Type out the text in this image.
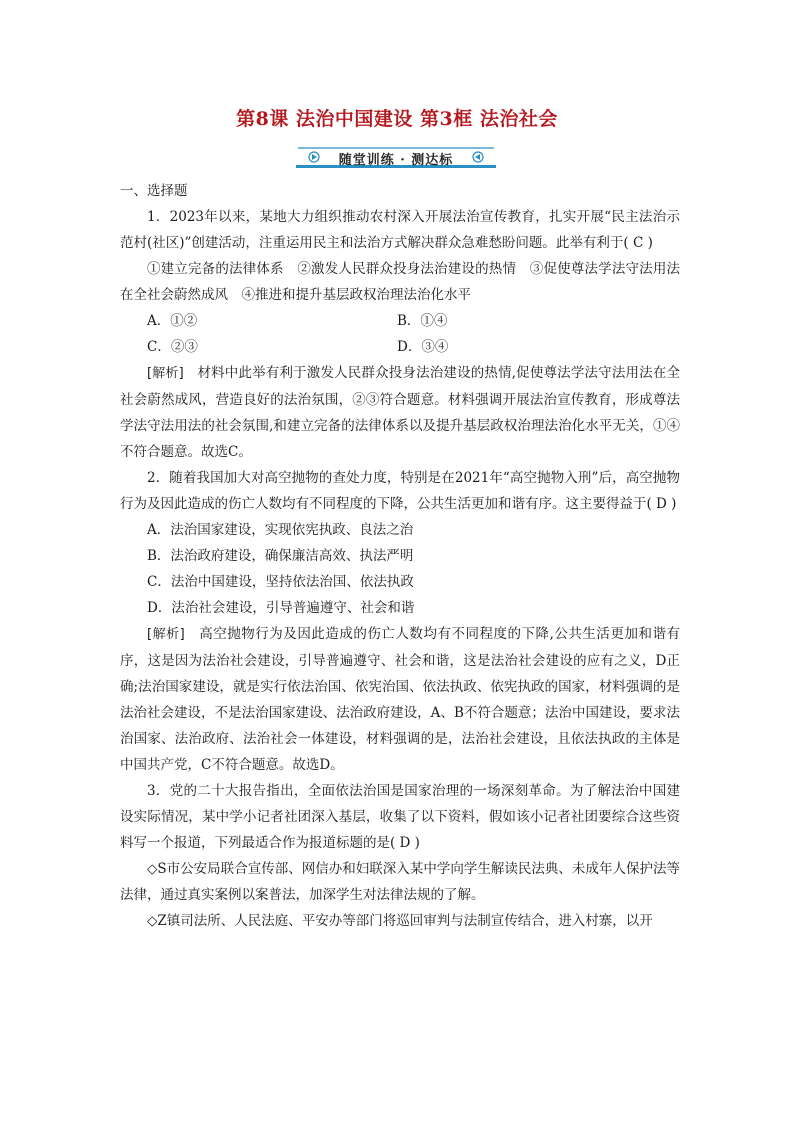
第8课 法治中国建设 第3框 法治社会
随堂训练 · 测达标

一、选择题

1．2023年以来，某地大力组织推动农村深入开展法治宣传教育，扎实开展“民主法治示范村(社区)”创建活动，注重运用民主和法治方式解决群众急难愁盼问题。此举有利于( C )

①建立完备的法律体系　②激发人民群众投身法治建设的热情　③促使尊法学法守法用法在全社会蔚然成风　④推进和提升基层政权治理法治化水平

A．①②	B．①④
C．②③	D．③④

[解析]　材料中此举有利于激发人民群众投身法治建设的热情,促使尊法学法守法用法在全社会蔚然成风，营造良好的法治氛围，②③符合题意。材料强调开展法治宣传教育，形成尊法学法守法用法的社会氛围,和建立完备的法律体系以及提升基层政权治理法治化水平无关，①④不符合题意。故选C。

2．随着我国加大对高空抛物的查处力度，特别是在2021年“高空抛物入刑”后，高空抛物行为及因此造成的伤亡人数均有不同程度的下降，公共生活更加和谐有序。这主要得益于( D )

A．法治国家建设，实现依宪执政、良法之治

B．法治政府建设，确保廉洁高效、执法严明

C．法治中国建设，坚持依法治国、依法执政

D．法治社会建设，引导普遍遵守、社会和谐

[解析]　高空抛物行为及因此造成的伤亡人数均有不同程度的下降,公共生活更加和谐有序，这是因为法治社会建设，引导普遍遵守、社会和谐，这是法治社会建设的应有之义，D正确;法治国家建设，就是实行依法治国、依宪治国、依法执政、依宪执政的国家，材料强调的是法治社会建设，不是法治国家建设、法治政府建设，A、B不符合题意；法治中国建设，要求法治国家、法治政府、法治社会一体建设，材料强调的是，法治社会建设，且依法执政的主体是中国共产党，C不符合题意。故选D。

3．党的二十大报告指出，全面依法治国是国家治理的一场深刻革命。为了解法治中国建设实际情况，某中学小记者社团深入基层，收集了以下资料，假如该小记者社团要综合这些资料写一个报道，下列最适合作为报道标题的是( D )

◇S市公安局联合宣传部、网信办和妇联深入某中学向学生解读民法典、未成年人保护法等法律，通过真实案例以案普法，加深学生对法律法规的了解。

◇Z镇司法所、人民法庭、平安办等部门将巡回审判与法制宣传结合，进入村寨，以开
